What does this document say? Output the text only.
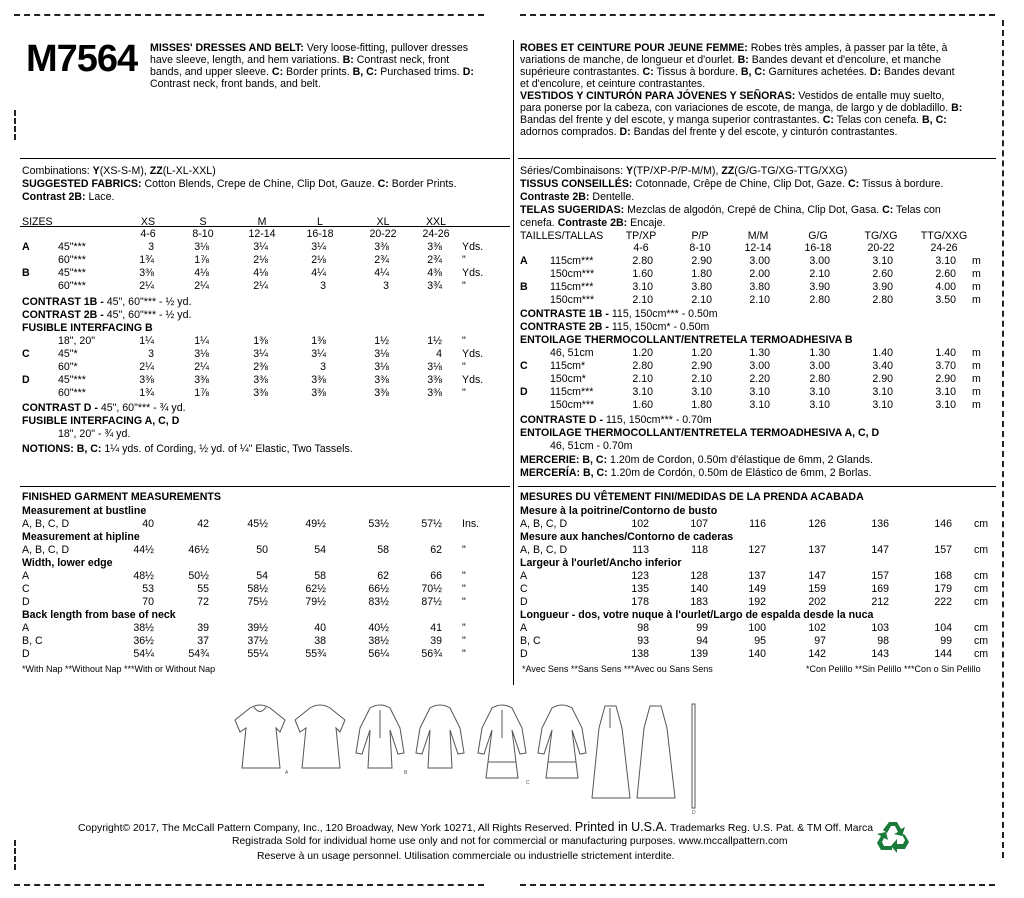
M7564 MISSES' DRESSES AND BELT: Very loose-fitting, pullover dresses
have sleeve, length, and hem variations. B: Contrast neck, front
bands, and upper sleeve. C: Border prints. B, C: Purchased trims. D:
Contrast neck, front bands, and belt.
ROBES ET CEINTURE POUR JEUNE FEMME: Robes très amples, à passer par la tête, à
variations de manche, de longueur et d'ourlet. B: Bandes devant et d'encolure, et manche
supérieure contrastantes. C: Tissus à bordure. B, C: Garnitures achetées. D: Bandes devant
et d'encolure, et ceinture contrastantes.
VESTIDOS Y CINTURÓN PARA JÓVENES Y SEÑORAS: Vestidos de entalle muy suelto,
para ponerse por la cabeza, con variaciones de escote, de manga, de largo y de dobladillo. B:
Bandas del frente y del escote, y manga superior contrastantes. C: Telas con cenefa. B, C:
adornos comprados. D: Bandas del frente y del escote, y cinturón contrastantes.
Combinations: Y(XS-S-M), ZZ(L-XL-XXL)
SUGGESTED FABRICS: Cotton Blends, Crepe de Chine, Clip Dot, Gauze. C: Border Prints.
Contrast 2B: Lace.
SIZES	XS	S	M	L	XL	XXL
4-6	8-10	12-14	16-18	20-22	24-26
A	45"***	3	3⅛	3¼	3¼	3⅜	3⅜ Yds.
60"***	1¾	1⅞	2⅛	2⅛	2¾	2¾ "
B	45"***	3⅜	4⅛	4⅛	4¼	4¼	4⅜ Yds.
60"***	2¼	2¼	2¼	3	3	3¾ "
CONTRAST 1B - 45", 60"*** - ½ yd.
CONTRAST 2B - 45", 60"*** - ½ yd.
FUSIBLE INTERFACING B
18", 20"	1¼	1¼	1⅜	1⅜	1½	1½ "
C	45"*	3	3⅛	3¼	3¼	3⅛	4 Yds.
60"*	2¼	2¼	2⅜	3	3⅛	3⅛ "
D	45"***	3⅜	3⅜	3⅜	3⅜	3⅜	3⅜ Yds.
60"***	1¾	1⅞	3⅜	3⅜	3⅜	3⅜ "
CONTRAST D - 45", 60"*** - ¾ yd.
FUSIBLE INTERFACING A, C, D
18", 20" - ¾ yd.
NOTIONS: B, C: 1¼ yds. of Cording, ½ yd. of ¼" Elastic, Two Tassels.
FINISHED GARMENT MEASUREMENTS
Measurement at bustline
A, B, C, D	40	42	45½	49½	53½	57½ Ins.
Measurement at hipline
A, B, C, D	44½	46½	50	54	58	62 "
Width, lower edge
A	48½	50½	54	58	62	66 "
C	53	55	58½	62½	66½	70½ "
D	70	72	75½	79½	83½	87½ "
Back length from base of neck
A	38½	39	39½	40	40½	41 "
B, C	36½	37	37½	38	38½	39 "
D	54¼	54¾	55¼	55¾	56¼	56¾ "
*With Nap **Without Nap ***With or Without Nap
Séries/Combinaisons: Y(TP/XP-P/P-M/M), ZZ(G/G-TG/XG-TTG/XXG)
TISSUS CONSEILLÉS: Cotonnade, Crêpe de Chine, Clip Dot, Gaze. C: Tissus à bordure.
Contraste 2B: Dentelle.
TELAS SUGERIDAS: Mezclas de algodón, Crepé de China, Clip Dot, Gasa. C: Telas con
cenefa. Contraste 2B: Encaje.
TAILLES/TALLAS	TP/XP	P/P	M/M	G/G	TG/XG	TTG/XXG
4-6	8-10	12-14	16-18	20-22	24-26
A 115cm***	2.80	2.90	3.00	3.00	3.10	3.10 m
150cm***	1.60	1.80	2.00	2.10	2.60	2.60 m
B 115cm***	3.10	3.80	3.80	3.90	3.90	4.00 m
150cm***	2.10	2.10	2.10	2.80	2.80	3.50 m
CONTRASTE 1B - 115, 150cm*** - 0.50m
CONTRASTE 2B - 115, 150cm* - 0.50m
ENTOILAGE THERMOCOLLANT/ENTRETELA TERMOADHESIVA B
46, 51cm	1.20	1.20	1.30	1.30	1.40	1.40 m
C 115cm*	2.80	2.90	3.00	3.00	3.40	3.70 m
150cm*	2.10	2.10	2.20	2.80	2.90	2.90 m
D 115cm***	3.10	3.10	3.10	3.10	3.10	3.10 m
150cm***	1.60	1.80	3.10	3.10	3.10	3.10 m
CONTRASTE D - 115, 150cm*** - 0.70m
ENTOILAGE THERMOCOLLANT/ENTRETELA TERMOADHESIVA A, C, D
46, 51cm - 0.70m
MERCERIE: B, C: 1.20m de Cordon, 0.50m d'élastique de 6mm, 2 Glands.
MERCERÍA: B, C: 1.20m de Cordón, 0.50m de Elástico de 6mm, 2 Borlas.
MESURES DU VÊTEMENT FINI/MEDIDAS DE LA PRENDA ACABADA
Mesure à la poitrine/Contorno de busto
A, B, C, D	102	107	116	126	136	146 cm
Mesure aux hanches/Contorno de caderas
A, B, C, D	113	118	127	137	147	157 cm
Largeur à l'ourlet/Ancho inferior
A	123	128	137	147	157	168 cm
C	135	140	149	159	169	179 cm
D	178	183	192	202	212	222 cm
Longueur - dos, votre nuque à l'ourlet/Largo de espalda desde la nuca
A	98	99	100	102	103	104 cm
B, C	93	94	95	97	98	99 cm
D	138	139	140	142	143	144 cm
*Avec Sens **Sans Sens ***Avec ou Sans Sens	*Con Pelillo **Sin Pelillo ***Con o Sin Pelillo
A	B
C
D
Copyright© 2017, The McCall Pattern Company, Inc., 120 Broadway, New York 10271, All Rights Reserved. Printed in U.S.A. Trademarks Reg. U.S. Pat. & TM Off. Marca
Registrada Sold for individual home use only and not for commercial or manufacturing purposes. www.mccallpattern.com
Reserve à un usage personnel. Utilisation commerciale ou industrielle strictement interdite.
